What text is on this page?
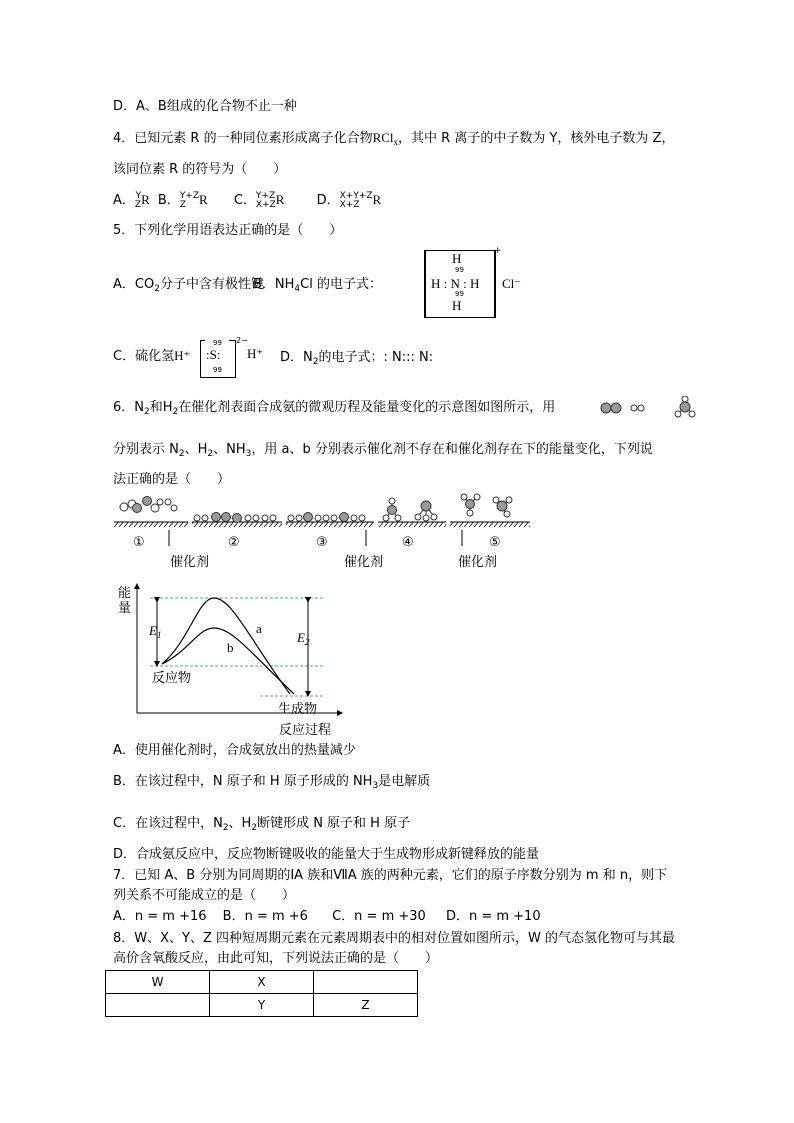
D．A、B组成的化合物不止一种
4．已知元素 R 的一种同位素形成离子化合物RCl$_x$，其中 R 离子的中子数为 Y，核外电子数为 Z，
该同位素 R 的符号为（　　）
A．Y
ZR B．Y+Z
Z R C．Y+Z
X+ZR D．X+Y+Z
X+Z R
5．下列化学用语表达正确的是（　　）
A．$CO_2$分子中含有极性键
B．$NH_4Cl$ 的电子式：
H
99
H : N : H
99
H
+
Cl⁻
C．硫化氢H⁺
99
:S:
99
2−
H⁺ D．$N_2$的电子式：: N::: N:
6．$N_2$和$H_2$在催化剂表面合成氨的微观历程及能量变化的示意图如图所示，用
分别表示 $N_2$、$H_2$、$NH_3$，用 a、b 分别表示催化剂不存在和催化剂存在下的能量变化，下列说
法正确的是（　　）
①	②	③	④	⑤
催化剂	催化剂	催化剂
能量
$E_1$	$E_2$
a
b
反应物
生成物
反应过程
A．使用催化剂时，合成氨放出的热量减少
B．在该过程中，N 原子和 H 原子形成的 $NH_3$是电解质
C．在该过程中，$N_2$、$H_2$断键形成 N 原子和 H 原子
D．合成氨反应中，反应物断键吸收的能量大于生成物形成新键释放的能量
7．已知 A、B 分别为同周期的ⅠA 族和ⅦA 族的两种元素，它们的原子序数分别为 m 和 n，则下
列关系不可能成立的是（　　）
A．n = m +16 B．n = m +6 C．n = m +30 D．n = m +10
8．W、X、Y、Z 四种短周期元素在元素周期表中的相对位置如图所示，W 的气态氢化物可与其最
高价含氧酸反应，由此可知，下列说法正确的是（　　）
W	X	
	Y	Z
